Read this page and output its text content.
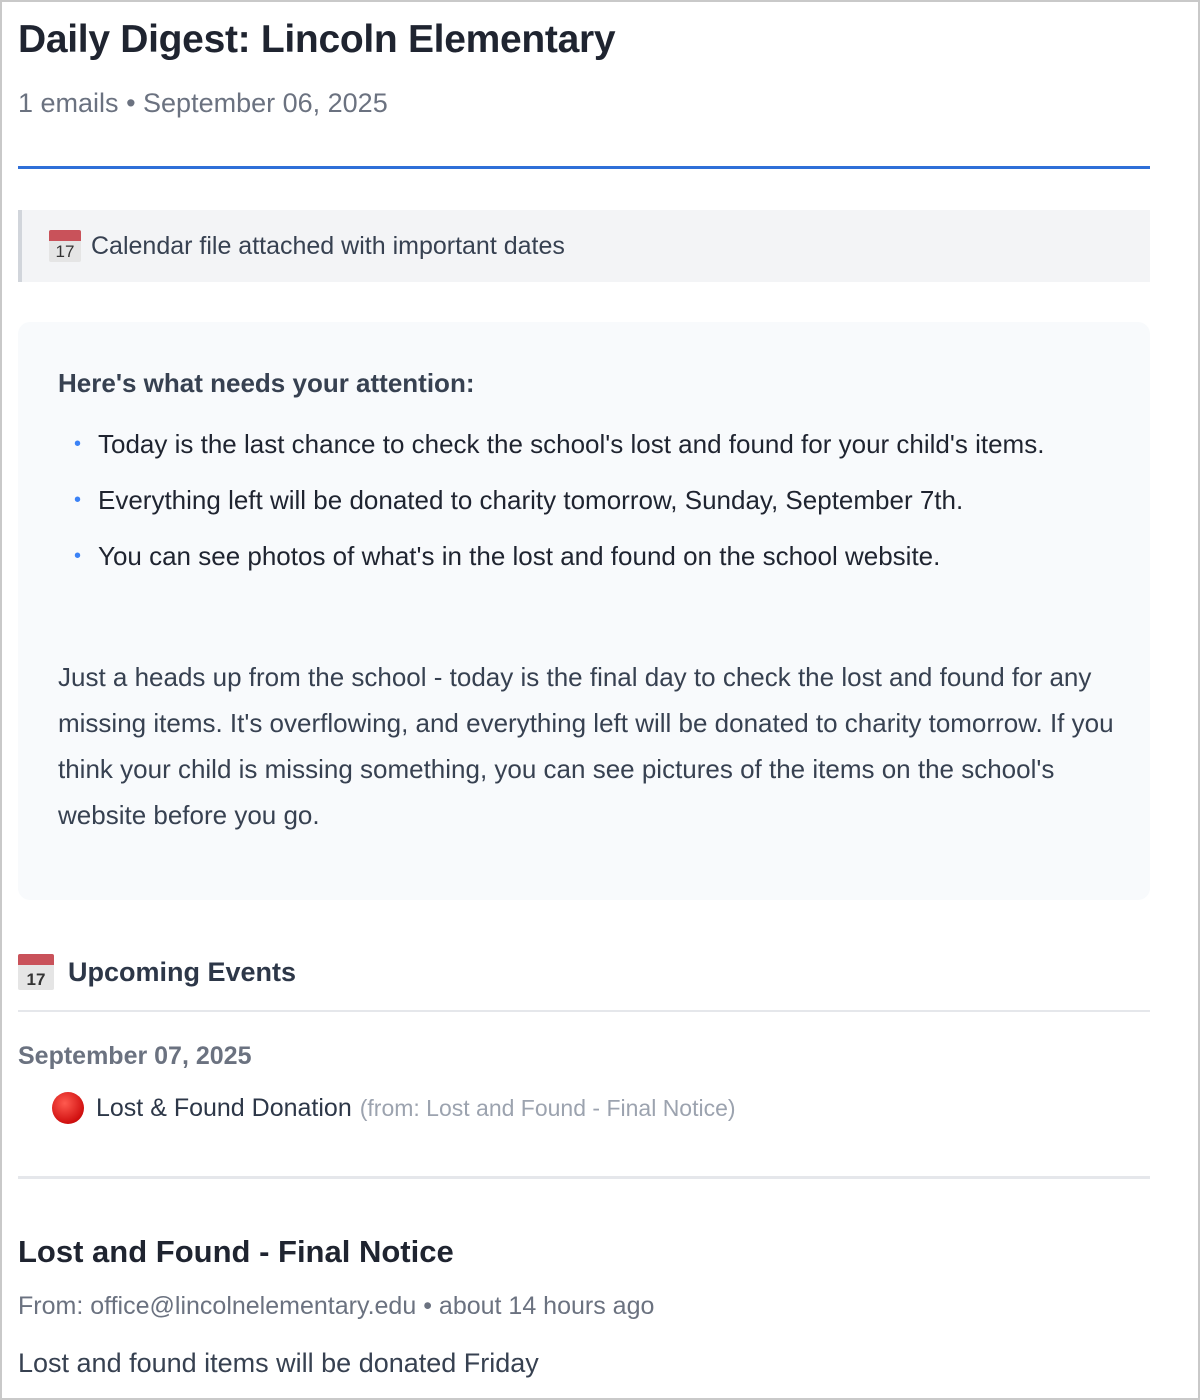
Daily Digest: Lincoln Elementary
1 emails • September 06, 2025
17 Calendar file attached with important dates
Here's what needs your attention:
• Today is the last chance to check the school's lost and found for your child's items.
• Everything left will be donated to charity tomorrow, Sunday, September 7th.
• You can see photos of what's in the lost and found on the school website.
Just a heads up from the school - today is the final day to check the lost and found for any missing items. It's overflowing, and everything left will be donated to charity tomorrow. If you think your child is missing something, you can see pictures of the items on the school's website before you go.
17 Upcoming Events
September 07, 2025
Lost & Found Donation (from: Lost and Found - Final Notice)
Lost and Found - Final Notice
From: office@lincolnelementary.edu • about 14 hours ago
Lost and found items will be donated Friday
